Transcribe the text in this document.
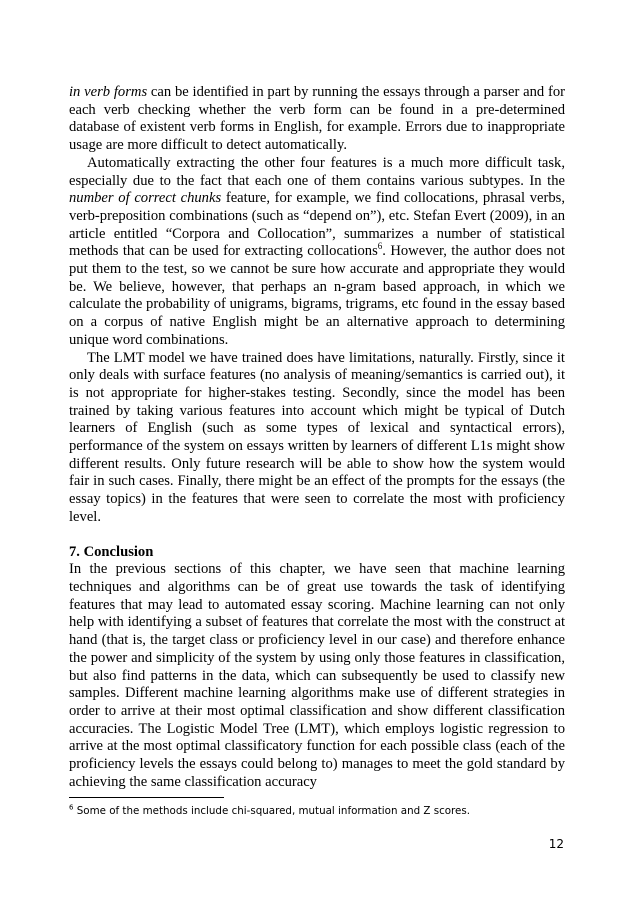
in verb forms can be identified in part by running the essays through a parser and for each verb checking whether the verb form can be found in a pre-determined database of existent verb forms in English, for example. Errors due to inappropriate usage are more difficult to detect automatically.

Automatically extracting the other four features is a much more difficult task, especially due to the fact that each one of them contains various subtypes. In the number of correct chunks feature, for example, we find collocations, phrasal verbs, verb-preposition combinations (such as “depend on”), etc. Stefan Evert (2009), in an article entitled “Corpora and Collocation”, summarizes a number of statistical methods that can be used for extracting collocations$^6$. However, the author does not put them to the test, so we cannot be sure how accurate and appropriate they would be. We believe, however, that perhaps an n-gram based approach, in which we calculate the probability of unigrams, bigrams, trigrams, etc found in the essay based on a corpus of native English might be an alternative approach to determining unique word combinations.

The LMT model we have trained does have limitations, naturally. Firstly, since it only deals with surface features (no analysis of meaning/semantics is carried out), it is not appropriate for higher-stakes testing. Secondly, since the model has been trained by taking various features into account which might be typical of Dutch learners of English (such as some types of lexical and syntactical errors), performance of the system on essays written by learners of different L1s might show different results. Only future research will be able to show how the system would fair in such cases. Finally, there might be an effect of the prompts for the essays (the essay topics) in the features that were seen to correlate the most with proficiency level.

7. Conclusion

In the previous sections of this chapter, we have seen that machine learning techniques and algorithms can be of great use towards the task of identifying features that may lead to automated essay scoring. Machine learning can not only help with identifying a subset of features that correlate the most with the construct at hand (that is, the target class or proficiency level in our case) and therefore enhance the power and simplicity of the system by using only those features in classification, but also find patterns in the data, which can subsequently be used to classify new samples. Different machine learning algorithms make use of different strategies in order to arrive at their most optimal classification and show different classification accuracies. The Logistic Model Tree (LMT), which employs logistic regression to arrive at the most optimal classificatory function for each possible class (each of the proficiency levels the essays could belong to) manages to meet the gold standard by achieving the same classification accuracy

$^6$ Some of the methods include chi-squared, mutual information and Z scores.
12
